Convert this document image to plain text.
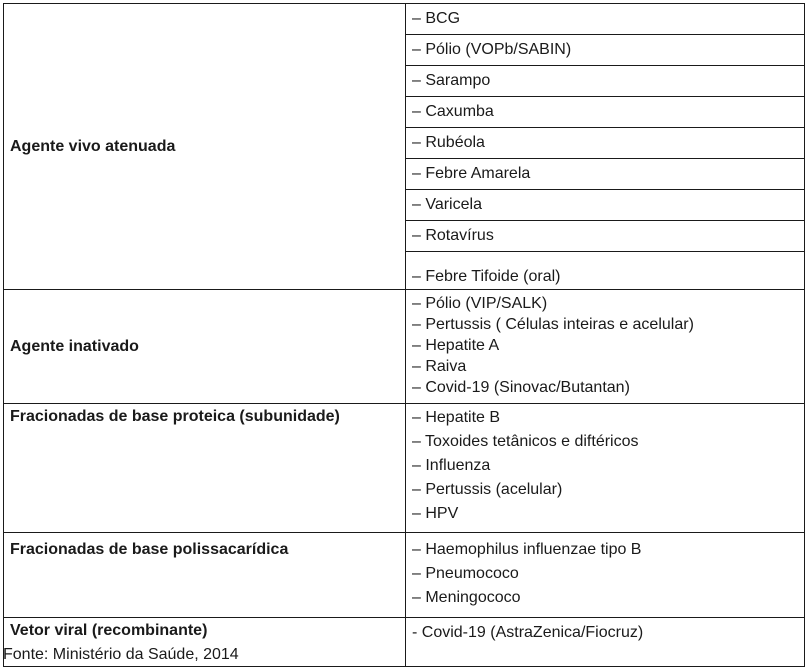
Agente vivo atenuada	– BCG
	– Pólio (VOPb/SABIN)
	– Sarampo
	– Caxumba
	– Rubéola
	– Febre Amarela
	– Varicela
	– Rotavírus
	– Febre Tifoide (oral)
Agente inativado	– Pólio (VIP/SALK)
– Pertussis ( Células inteiras e acelular)
– Hepatite A
– Raiva
– Covid-19 (Sinovac/Butantan)

Fracionadas de base proteica (subunidade)	– Hepatite B
– Toxoides tetânicos e diftéricos
– Influenza
– Pertussis (acelular)
– HPV

Fracionadas de base polissacarídica	– Haemophilus influenzae tipo B
– Pneumococo
– Meningococo

Vetor viral (recombinante)	- Covid-19 (AstraZenica/Fiocruz)
Fonte: Ministério da Saúde, 2014
